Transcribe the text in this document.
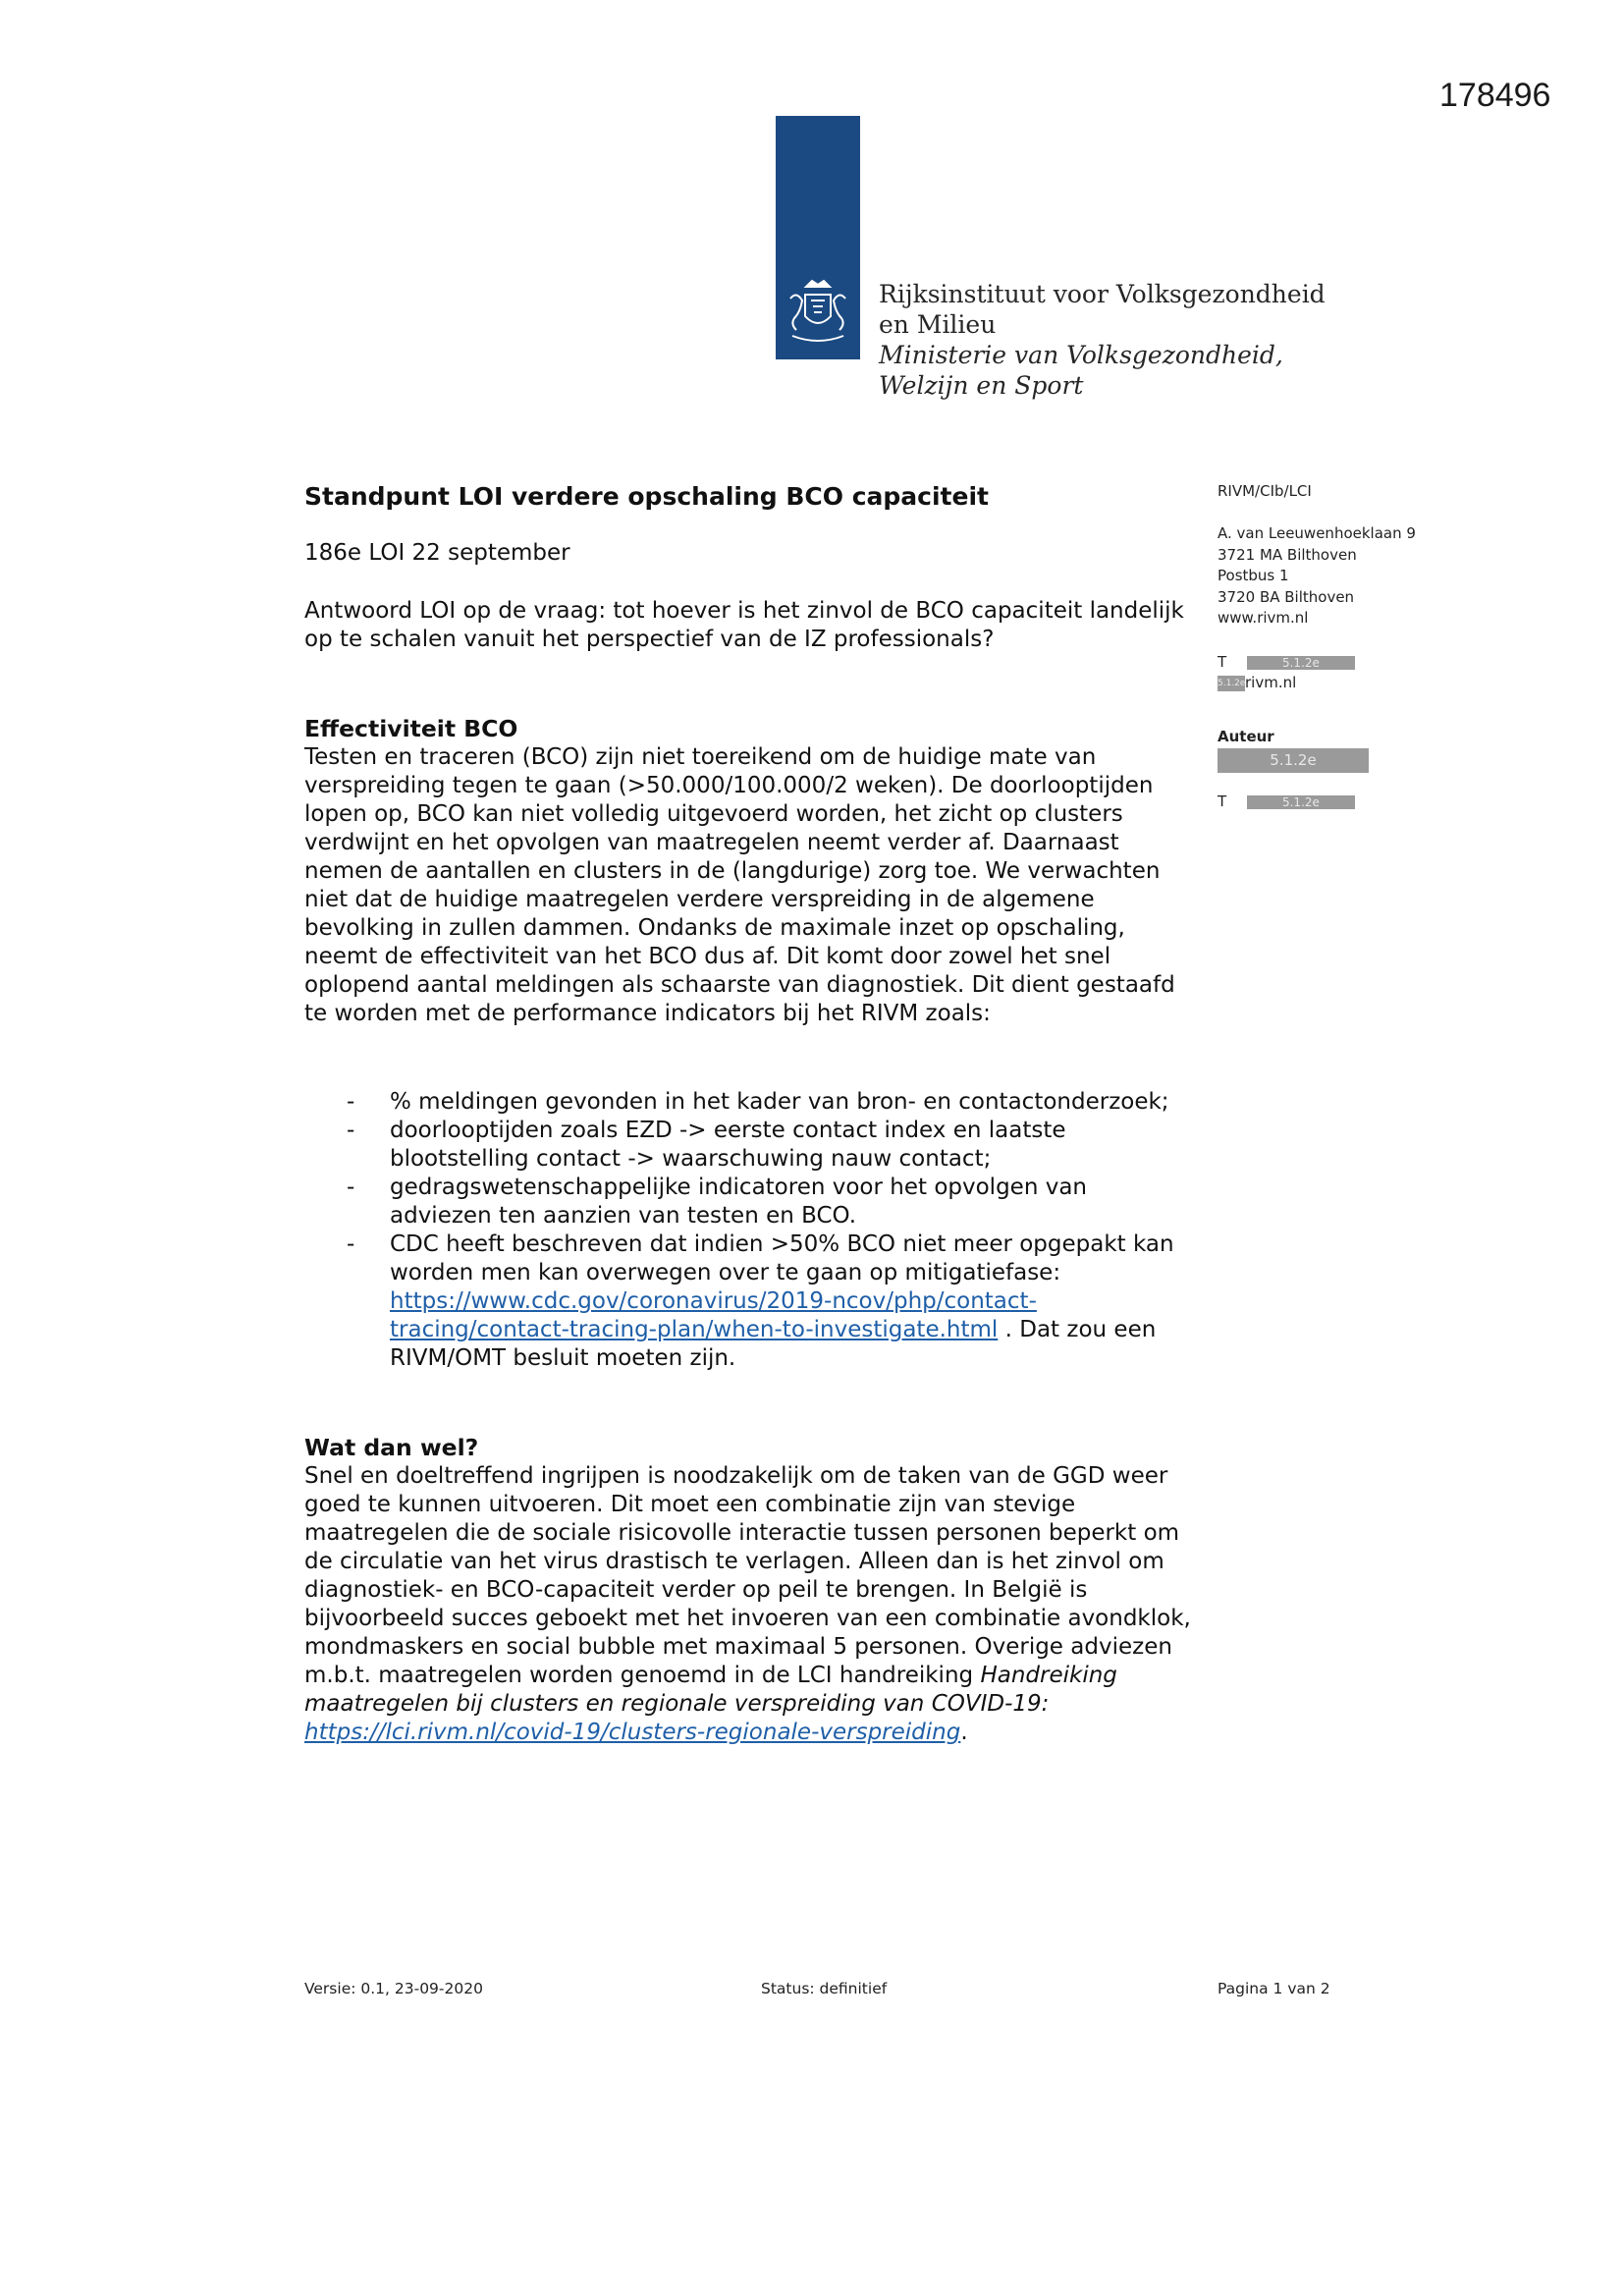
178496
Rijksinstituut voor Volksgezondheid
en Milieu
Ministerie van Volksgezondheid,
Welzijn en Sport
Standpunt LOI verdere opschaling BCO capaciteit
186e LOI 22 september
Antwoord LOI op de vraag: tot hoever is het zinvol de BCO capaciteit landelijk op te schalen vanuit het perspectief van de IZ professionals?
Effectiviteit BCO
Testen en traceren (BCO) zijn niet toereikend om de huidige mate van verspreiding tegen te gaan (>50.000/100.000/2 weken). De doorlooptijden lopen op, BCO kan niet volledig uitgevoerd worden, het zicht op clusters verdwijnt en het opvolgen van maatregelen neemt verder af. Daarnaast nemen de aantallen en clusters in de (langdurige) zorg toe. We verwachten niet dat de huidige maatregelen verdere verspreiding in de algemene bevolking in zullen dammen. Ondanks de maximale inzet op opschaling, neemt de effectiviteit van het BCO dus af. Dit komt door zowel het snel oplopend aantal meldingen als schaarste van diagnostiek. Dit dient gestaafd te worden met de performance indicators bij het RIVM zoals:
- % meldingen gevonden in het kader van bron- en contactonderzoek;
- doorlooptijden zoals EZD -> eerste contact index en laatste blootstelling contact -> waarschuwing nauw contact;
- gedragswetenschappelijke indicatoren voor het opvolgen van adviezen ten aanzien van testen en BCO.
- CDC heeft beschreven dat indien >50% BCO niet meer opgepakt kan worden men kan overwegen over te gaan op mitigatiefase: https://www.cdc.gov/coronavirus/2019-ncov/php/contact-tracing/contact-tracing-plan/when-to-investigate.html . Dat zou een RIVM/OMT besluit moeten zijn.
Wat dan wel?
Snel en doeltreffend ingrijpen is noodzakelijk om de taken van de GGD weer goed te kunnen uitvoeren. Dit moet een combinatie zijn van stevige maatregelen die de sociale risicovolle interactie tussen personen beperkt om de circulatie van het virus drastisch te verlagen. Alleen dan is het zinvol om diagnostiek- en BCO-capaciteit verder op peil te brengen. In België is bijvoorbeeld succes geboekt met het invoeren van een combinatie avondklok, mondmaskers en social bubble met maximaal 5 personen. Overige adviezen m.b.t. maatregelen worden genoemd in de LCI handreiking Handreiking maatregelen bij clusters en regionale verspreiding van COVID-19: https://lci.rivm.nl/covid-19/clusters-regionale-verspreiding.
RIVM/CIb/LCI
A. van Leeuwenhoeklaan 9
3721 MA Bilthoven
Postbus 1
3720 BA Bilthoven
www.rivm.nl
T	5.1.2e
5.1.2erivm.nl
Auteur
5.1.2e
T	5.1.2e
Versie: 0.1, 23-09-2020	Status: definitief	Pagina 1 van 2
